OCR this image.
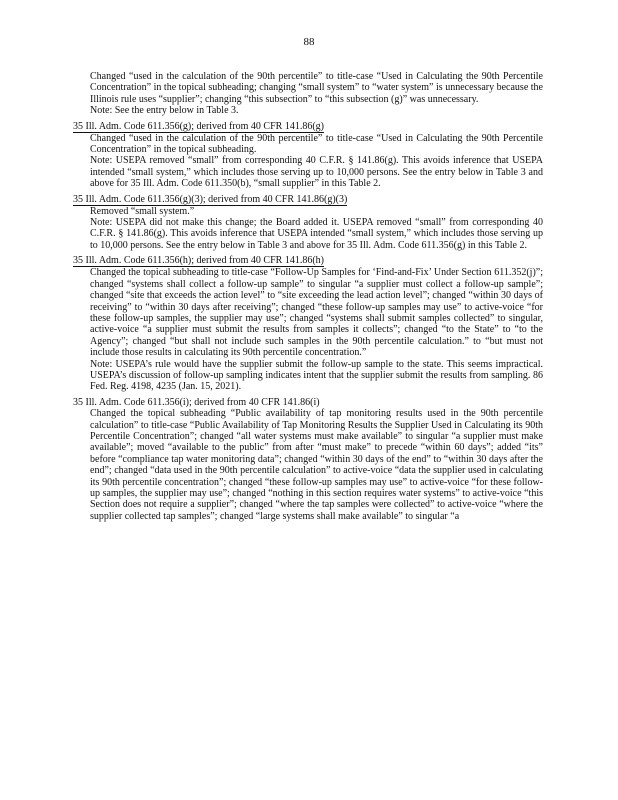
88

Changed “used in the calculation of the 90th percentile” to title-case “Used in Calculating the 90th Percentile Concentration” in the topical subheading; changing “small system” to “water system” is unnecessary because the Illinois rule uses “supplier”; changing “this subsection” to “this subsection (g)” was unnecessary.

Note: See the entry below in Table 3.

35 Ill. Adm. Code 611.356(g); derived from 40 CFR 141.86(g)

Changed “used in the calculation of the 90th percentile” to title-case “Used in Calculating the 90th Percentile Concentration” in the topical subheading.

Note: USEPA removed “small” from corresponding 40 C.F.R. § 141.86(g). This avoids inference that USEPA intended “small system,” which includes those serving up to 10,000 persons. See the entry below in Table 3 and above for 35 Ill. Adm. Code 611.350(b), “small supplier” in this Table 2.

35 Ill. Adm. Code 611.356(g)(3); derived from 40 CFR 141.86(g)(3)

Removed “small system.”

Note: USEPA did not make this change; the Board added it. USEPA removed “small” from corresponding 40 C.F.R. § 141.86(g). This avoids inference that USEPA intended “small system,” which includes those serving up to 10,000 persons. See the entry below in Table 3 and above for 35 Ill. Adm. Code 611.356(g) in this Table 2.

35 Ill. Adm. Code 611.356(h); derived from 40 CFR 141.86(h)

Changed the topical subheading to title-case “Follow-Up Samples for ‘Find-and-Fix’ Under Section 611.352(j)”; changed “systems shall collect a follow-up sample” to singular “a supplier must collect a follow-up sample”; changed “site that exceeds the action level” to “site exceeding the lead action level”; changed “within 30 days of receiving” to “within 30 days after receiving”; changed “these follow-up samples may use” to active-voice “for these follow-up samples, the supplier may use”; changed “systems shall submit samples collected” to singular, active-voice “a supplier must submit the results from samples it collects”; changed “to the State” to “to the Agency”; changed “but shall not include such samples in the 90th percentile calculation.” to “but must not include those results in calculating its 90th percentile concentration.”

Note: USEPA’s rule would have the supplier submit the follow-up sample to the state. This seems impractical. USEPA’s discussion of follow-up sampling indicates intent that the supplier submit the results from sampling. 86 Fed. Reg. 4198, 4235 (Jan. 15, 2021).

35 Ill. Adm. Code 611.356(i); derived from 40 CFR 141.86(i)

Changed the topical subheading “Public availability of tap monitoring results used in the 90th percentile calculation” to title-case “Public Availability of Tap Monitoring Results the Supplier Used in Calculating its 90th Percentile Concentration”; changed “all water systems must make available” to singular “a supplier must make available”; moved “available to the public” from after “must make” to precede “within 60 days”; added “its” before “compliance tap water monitoring data”; changed “within 30 days of the end” to “within 30 days after the end”; changed “data used in the 90th percentile calculation” to active-voice “data the supplier used in calculating its 90th percentile concentration”; changed “these follow-up samples may use” to active-voice “for these follow-up samples, the supplier may use”; changed “nothing in this section requires water systems” to active-voice “this Section does not require a supplier”; changed “where the tap samples were collected” to active-voice “where the supplier collected tap samples”; changed “large systems shall make available” to singular “a
